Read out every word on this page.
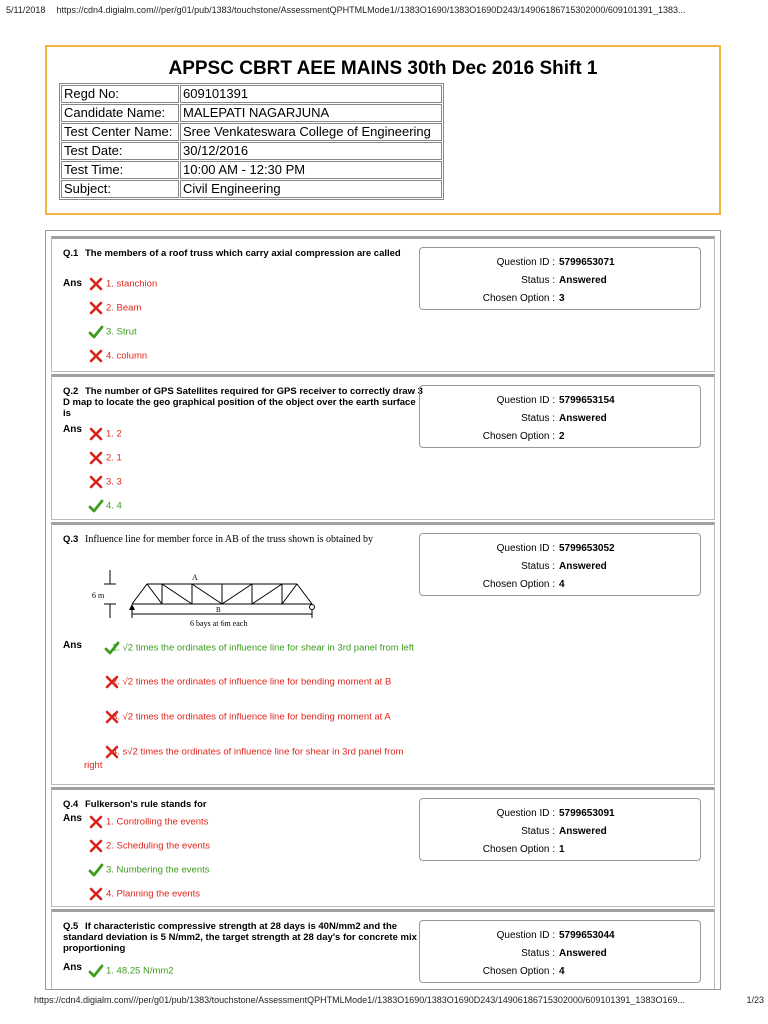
5/11/2018 https://cdn4.digialm.com///per/g01/pub/1383/touchstone/AssessmentQPHTMLMode1//1383O1690/1383O1690D243/14906186715302000/609101391_1383...
APPSC CBRT AEE MAINS 30th Dec 2016 Shift 1
Regd No:	609101391
Candidate Name:	MALEPATI NAGARJUNA
Test Center Name:	Sree Venkateswara College of Engineering
Test Date:	30/12/2016
Test Time:	10:00 AM - 12:30 PM
Subject:	Civil Engineering
Q.1 The members of a roof truss which carry axial compression are called
Ans	1. stanchion
2. Beam
3. Strut
4. column
Question ID : 5799653071
Status : Answered
Chosen Option : 3
Q.2 The number of GPS Satellites required for GPS receiver to correctly draw 3 D map to locate the geo graphical position of the object over the earth surface is
Ans	1. 2
2. 1
3. 3
4. 4
Question ID : 5799653154
Status : Answered
Chosen Option : 2
Q.3 Influence line for member force in AB of the truss shown is obtained by
A
B
6 m
6 bays at 6m each
Ans	1. √2 times the ordinates of influence line for shear in 3rd panel from left
2. √2 times the ordinates of influence line for bending moment at B
3. √2 times the ordinates of influence line for bending moment at A
4. s√2 times the ordinates of influence line for shear in 3rd panel from right
Question ID : 5799653052
Status : Answered
Chosen Option : 4
Q.4 Fulkerson's rule stands for
Ans	1. Controlling the events
2. Scheduling the events
3. Numbering the events
4. Planning the events
Question ID : 5799653091
Status : Answered
Chosen Option : 1
Q.5 If characteristic compressive strength at 28 days is 40N/mm2 and the standard deviation is 5 N/mm2, the target strength at 28 day's for concrete mix proportioning
Ans	1. 48.25 N/mm2
Question ID : 5799653044
Status : Answered
Chosen Option : 4
https://cdn4.digialm.com///per/g01/pub/1383/touchstone/AssessmentQPHTMLMode1//1383O1690/1383O1690D243/14906186715302000/609101391_1383O169...	1/23
